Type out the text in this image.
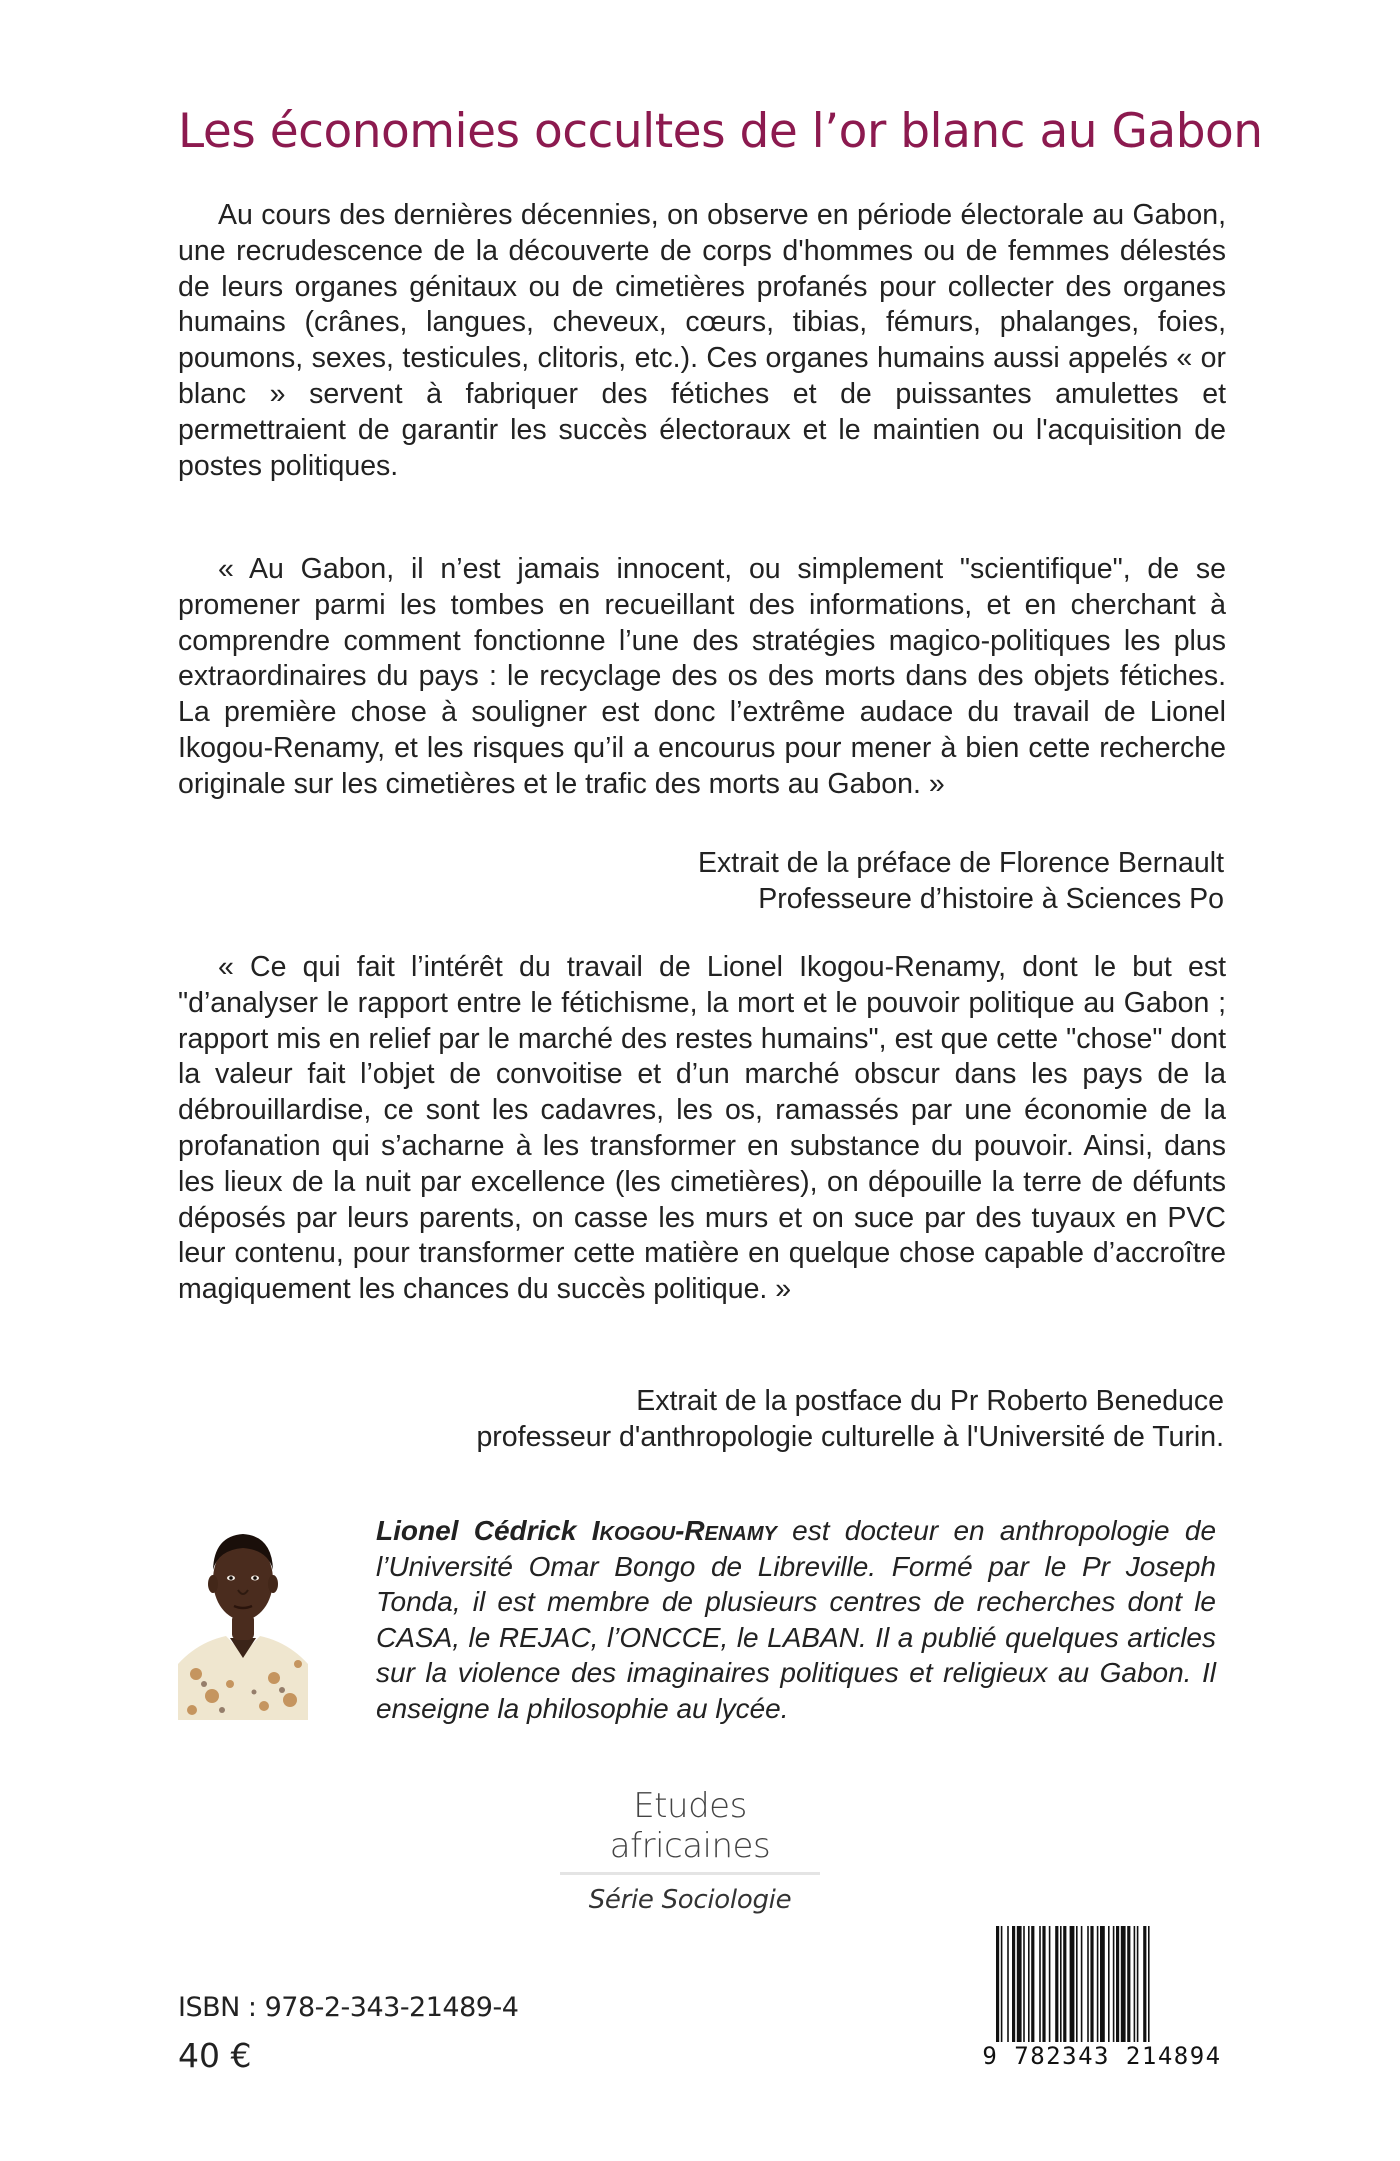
Les économies occultes de l’or blanc au Gabon
Au cours des dernières décennies, on observe en période électorale au Gabon, une recrudescence de la découverte de corps d'hommes ou de femmes délestés de leurs organes génitaux ou de cimetières profanés pour collecter des organes humains (crânes, langues, cheveux, cœurs, tibias, fémurs, phalanges, foies, poumons, sexes, testicules, clitoris, etc.). Ces organes humains aussi appelés « or blanc » servent à fabriquer des fétiches et de puissantes amulettes et permettraient de garantir les succès électoraux et le maintien ou l'acquisition de postes politiques.
« Au Gabon, il n’est jamais innocent, ou simplement "scientifique", de se promener parmi les tombes en recueillant des informations, et en cherchant à comprendre comment fonctionne l’une des stratégies magico-politiques les plus extraordinaires du pays : le recyclage des os des morts dans des objets fétiches. La première chose à souligner est donc l’extrême audace du travail de Lionel Ikogou-Renamy, et les risques qu’il a encourus pour mener à bien cette recherche originale sur les cimetières et le trafic des morts au Gabon. »
Extrait de la préface de Florence Bernault
Professeure d’histoire à Sciences Po
« Ce qui fait l’intérêt du travail de Lionel Ikogou-Renamy, dont le but est "d’analyser le rapport entre le fétichisme, la mort et le pouvoir politique au Gabon ; rapport mis en relief par le marché des restes humains", est que cette "chose" dont la valeur fait l’objet de convoitise et d’un marché obscur dans les pays de la débrouillardise, ce sont les cadavres, les os, ramassés par une économie de la profanation qui s’acharne à les transformer en substance du pouvoir. Ainsi, dans les lieux de la nuit par excellence (les cimetières), on dépouille la terre de défunts déposés par leurs parents, on casse les murs et on suce par des tuyaux en PVC leur contenu, pour transformer cette matière en quelque chose capable d’accroître magiquement les chances du succès politique. »
Extrait de la postface du Pr Roberto Beneduce
professeur d'anthropologie culturelle à l'Université de Turin.
Lionel Cédrick Ikogou-Renamy est docteur en anthropologie de l’Université Omar Bongo de Libreville. Formé par le Pr Joseph Tonda, il est membre de plusieurs centres de recherches dont le CASA, le REJAC, l’ONCCE, le LABAN. Il a publié quelques articles sur la violence des imaginaires politiques et religieux au Gabon. Il enseigne la philosophie au lycée.
Etudes africaines
Série Sociologie
ISBN : 978-2-343-21489-4
40 €	9 782343 214894
